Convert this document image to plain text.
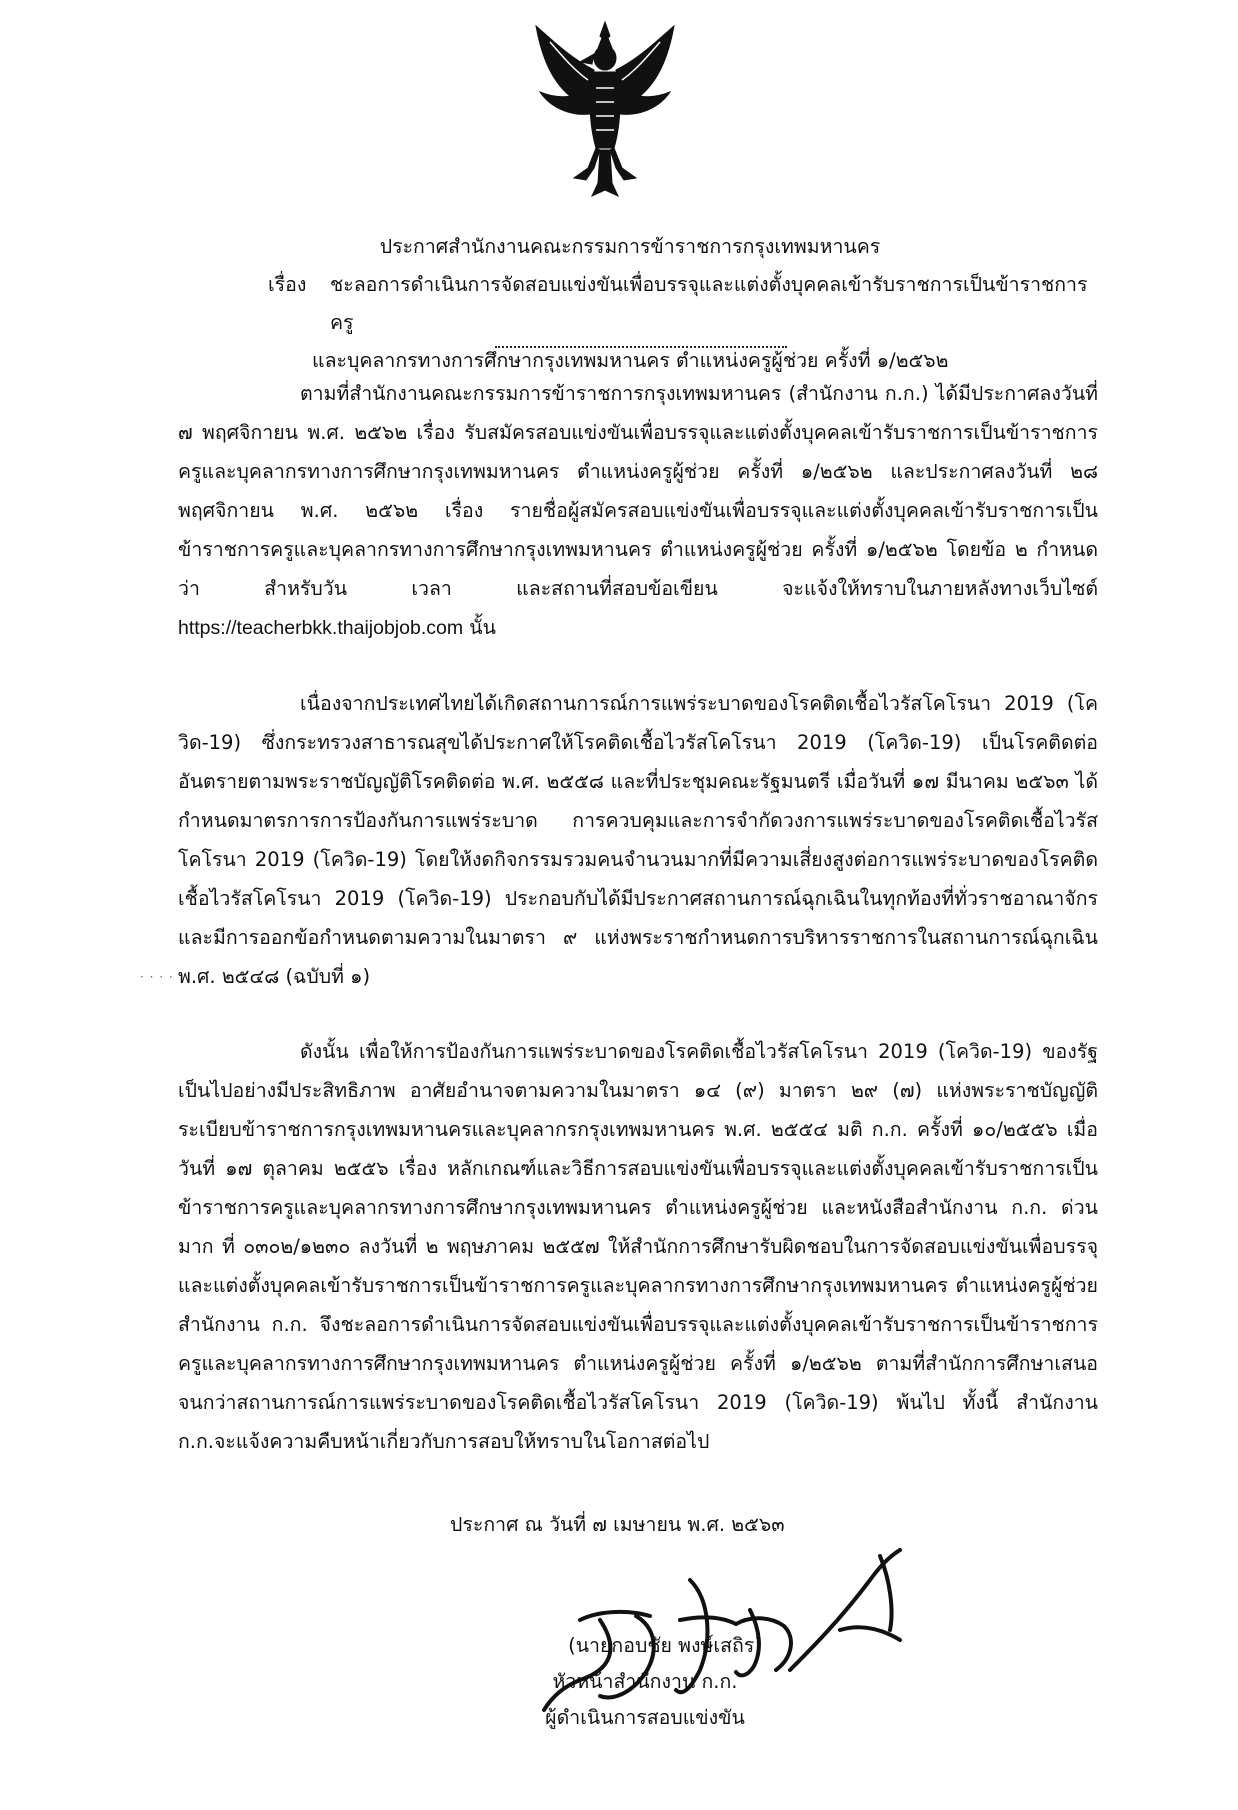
ประกาศสำนักงานคณะกรรมการข้าราชการกรุงเทพมหานคร
เรื่อง	ชะลอการดำเนินการจัดสอบแข่งขันเพื่อบรรจุและแต่งตั้งบุคคลเข้ารับราชการเป็นข้าราชการครู
และบุคลากรทางการศึกษากรุงเทพมหานคร ตำแหน่งครูผู้ช่วย ครั้งที่ ๑/๒๕๖๒

ตามที่สำนักงานคณะกรรมการข้าราชการกรุงเทพมหานคร (สำนักงาน ก.ก.) ได้มีประกาศลงวันที่ ๗ พฤศจิกายน พ.ศ. ๒๕๖๒ เรื่อง รับสมัครสอบแข่งขันเพื่อบรรจุและแต่งตั้งบุคคลเข้ารับราชการเป็นข้าราชการครูและบุคลากรทางการศึกษากรุงเทพมหานคร ตำแหน่งครูผู้ช่วย ครั้งที่ ๑/๒๕๖๒ และประกาศลงวันที่ ๒๘ พฤศจิกายน พ.ศ. ๒๕๖๒ เรื่อง รายชื่อผู้สมัครสอบแข่งขันเพื่อบรรจุและแต่งตั้งบุคคลเข้ารับราชการเป็นข้าราชการครูและบุคลากรทางการศึกษากรุงเทพมหานคร ตำแหน่งครูผู้ช่วย ครั้งที่ ๑/๒๕๖๒ โดยข้อ ๒ กำหนดว่า สำหรับวัน เวลา และสถานที่สอบข้อเขียน จะแจ้งให้ทราบในภายหลังทางเว็บไซต์ https://teacherbkk.thaijobjob.com นั้น

เนื่องจากประเทศไทยได้เกิดสถานการณ์การแพร่ระบาดของโรคติดเชื้อไวรัสโคโรนา 2019 (โควิด-19) ซึ่งกระทรวงสาธารณสุขได้ประกาศให้โรคติดเชื้อไวรัสโคโรนา 2019 (โควิด-19) เป็นโรคติดต่ออันตรายตามพระราชบัญญัติโรคติดต่อ พ.ศ. ๒๕๕๘ และที่ประชุมคณะรัฐมนตรี เมื่อวันที่ ๑๗ มีนาคม ๒๕๖๓ ได้กำหนดมาตรการการป้องกันการแพร่ระบาด การควบคุมและการจำกัดวงการแพร่ระบาดของโรคติดเชื้อไวรัสโคโรนา 2019 (โควิด-19) โดยให้งดกิจกรรมรวมคนจำนวนมากที่มีความเสี่ยงสูงต่อการแพร่ระบาดของโรคติดเชื้อไวรัสโคโรนา 2019 (โควิด-19) ประกอบกับได้มีประกาศสถานการณ์ฉุกเฉินในทุกท้องที่ทั่วราชอาณาจักรและมีการออกข้อกำหนดตามความในมาตรา ๙ แห่งพระราชกำหนดการบริหารราชการในสถานการณ์ฉุกเฉิน พ.ศ. ๒๕๔๘ (ฉบับที่ ๑)

ดังนั้น เพื่อให้การป้องกันการแพร่ระบาดของโรคติดเชื้อไวรัสโคโรนา 2019 (โควิด-19) ของรัฐเป็นไปอย่างมีประสิทธิภาพ อาศัยอำนาจตามความในมาตรา ๑๔ (๙) มาตรา ๒๙ (๗) แห่งพระราชบัญญัติระเบียบข้าราชการกรุงเทพมหานครและบุคลากรกรุงเทพมหานคร พ.ศ. ๒๕๕๔ มติ ก.ก. ครั้งที่ ๑๐/๒๕๕๖ เมื่อวันที่ ๑๗ ตุลาคม ๒๕๕๖ เรื่อง หลักเกณฑ์และวิธีการสอบแข่งขันเพื่อบรรจุและแต่งตั้งบุคคลเข้ารับราชการเป็นข้าราชการครูและบุคลากรทางการศึกษากรุงเทพมหานคร ตำแหน่งครูผู้ช่วย และหนังสือสำนักงาน ก.ก. ด่วนมาก ที่ ๐๓๐๒/๑๒๓๐ ลงวันที่ ๒ พฤษภาคม ๒๕๕๗ ให้สำนักการศึกษารับผิดชอบในการจัดสอบแข่งขันเพื่อบรรจุและแต่งตั้งบุคคลเข้ารับราชการเป็นข้าราชการครูและบุคลากรทางการศึกษากรุงเทพมหานคร ตำแหน่งครูผู้ช่วย สำนักงาน ก.ก. จึงชะลอการดำเนินการจัดสอบแข่งขันเพื่อบรรจุและแต่งตั้งบุคคลเข้ารับราชการเป็นข้าราชการครูและบุคลากรทางการศึกษากรุงเทพมหานคร ตำแหน่งครูผู้ช่วย ครั้งที่ ๑/๒๕๖๒ ตามที่สำนักการศึกษาเสนอ จนกว่าสถานการณ์การแพร่ระบาดของโรคติดเชื้อไวรัสโคโรนา 2019 (โควิด-19) พ้นไป ทั้งนี้ สำนักงาน ก.ก.จะแจ้งความคืบหน้าเกี่ยวกับการสอบให้ทราบในโอกาสต่อไป

· · · ·
ประกาศ ณ วันที่ ๗ เมษายน พ.ศ. ๒๕๖๓
(นายกอบชัย พงษ์เสถิร)
หัวหน้าสำนักงาน ก.ก.
ผู้ดำเนินการสอบแข่งขัน
